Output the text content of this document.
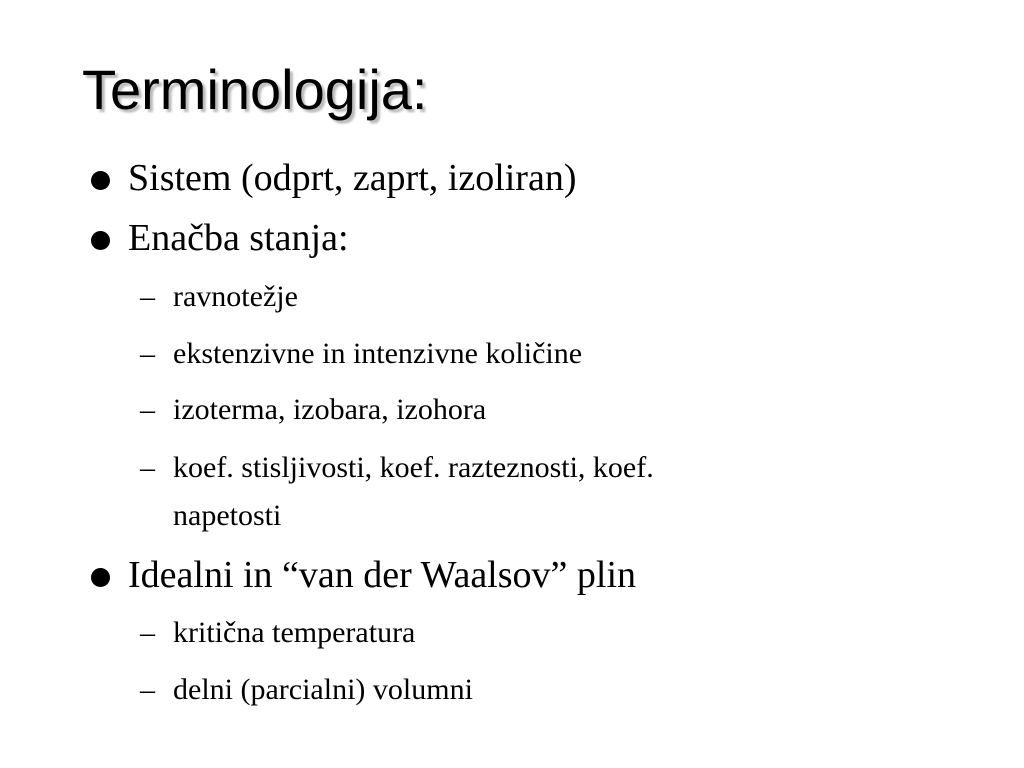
Terminologija:
Sistem (odprt, zaprt, izoliran)
Enačba stanja:
– ravnotežje
– ekstenzivne in intenzivne količine
– izoterma, izobara, izohora
– koef. stisljivosti, koef. razteznosti, koef.
napetosti
Idealni in “van der Waalsov” plin
– kritična temperatura
– delni (parcialni) volumni
